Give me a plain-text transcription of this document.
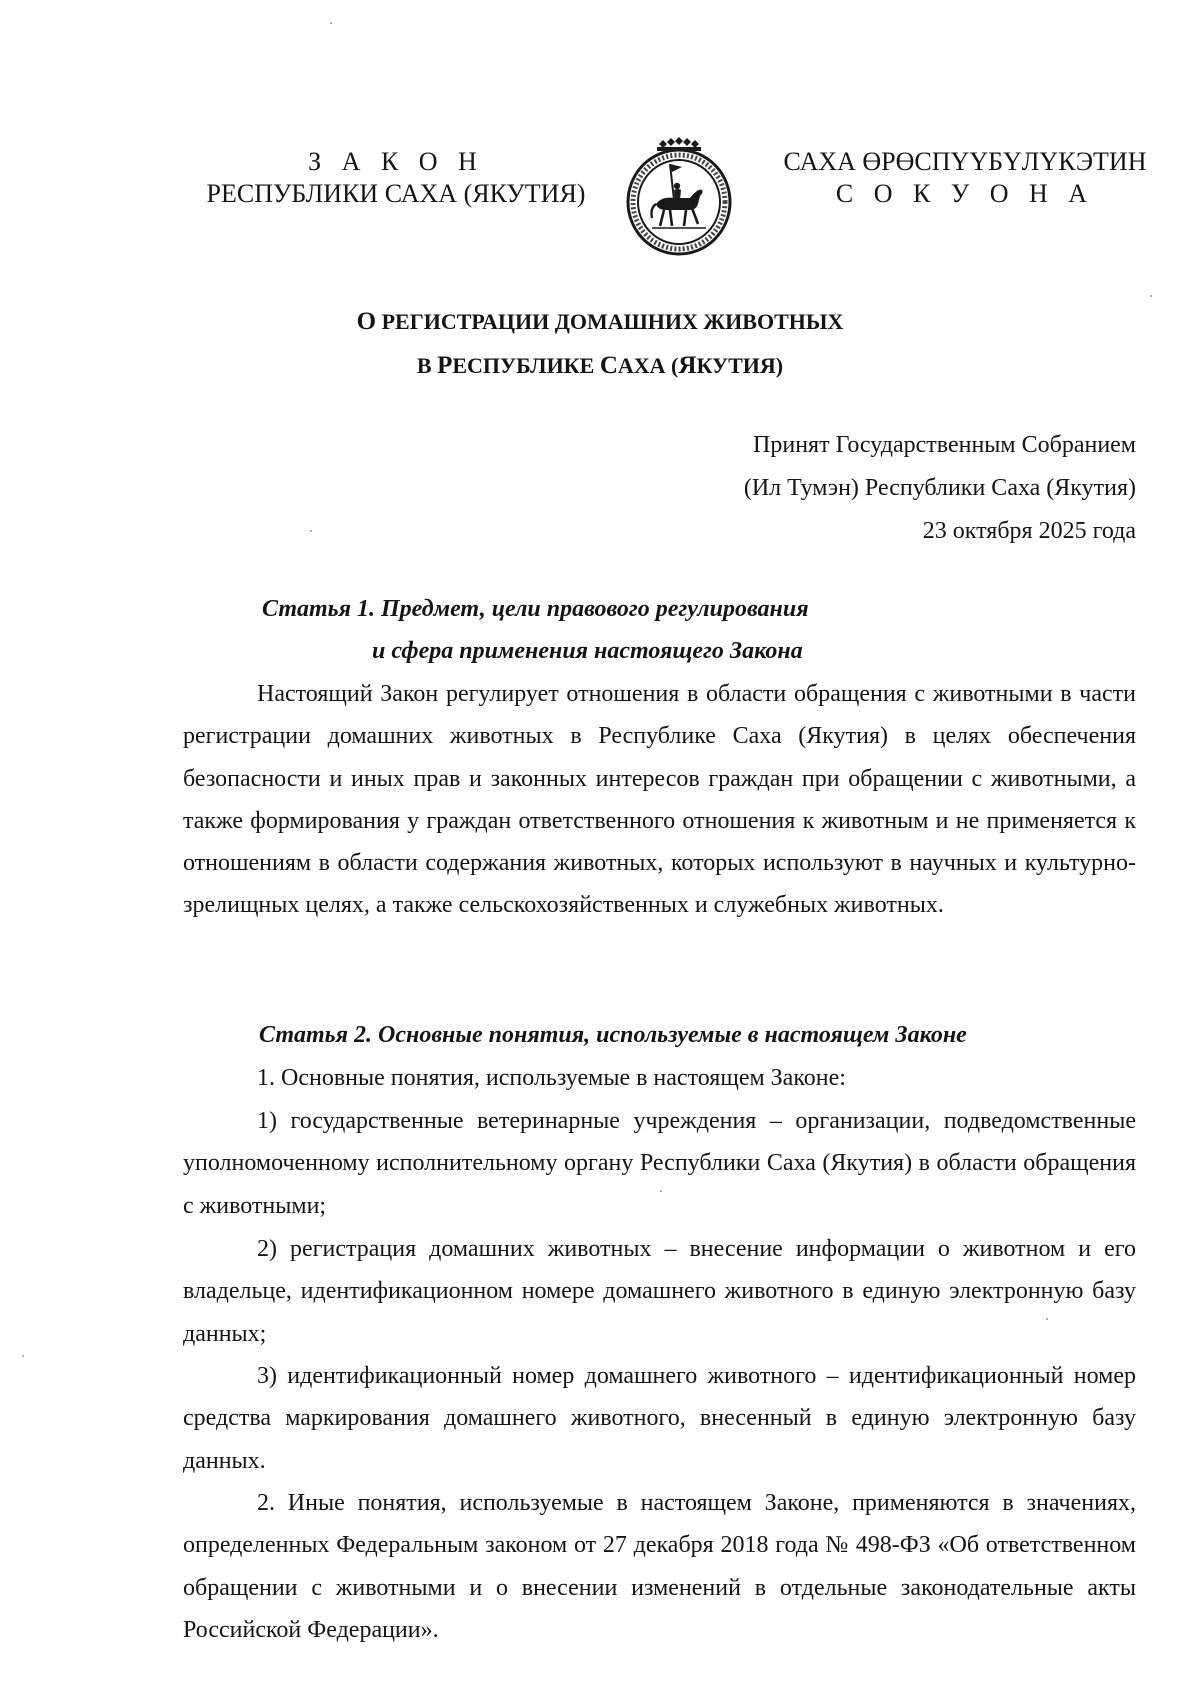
З А К О Н
РЕСПУБЛИКИ САХА (ЯКУТИЯ)
САХА ӨРӨСПҮҮБҮЛҮКЭТИН
С О К У О Н А
О РЕГИСТРАЦИИ ДОМАШНИХ ЖИВОТНЫХ
В РЕСПУБЛИКЕ САХА (ЯКУТИЯ)
Принят Государственным Собранием
(Ил Тумэн) Республики Саха (Якутия)
23 октября 2025 года
Статья 1. Предмет, цели правового регулирования
и сфера применения настоящего Закона

Настоящий Закон регулирует отношения в области обращения с животными в части регистрации домашних животных в Республике Саха (Якутия) в целях обеспечения безопасности и иных прав и законных интересов граждан при обращении с животными, а также формирования у граждан ответственного отношения к животным и не применяется к отношениям в области содержания животных, которых используют в научных и культурно-зрелищных целях, а также сельскохозяйственных и служебных животных.

Статья 2. Основные понятия, используемые в настоящем Законе

1. Основные понятия, используемые в настоящем Законе:

1) государственные ветеринарные учреждения – организации, подведомственные уполномоченному исполнительному органу Республики Саха (Якутия) в области обращения с животными;

2) регистрация домашних животных – внесение информации о животном и его владельце, идентификационном номере домашнего животного в единую электронную базу данных;

3) идентификационный номер домашнего животного – идентификационный номер средства маркирования домашнего животного, внесенный в единую электронную базу данных.

2. Иные понятия, используемые в настоящем Законе, применяются в значениях, определенных Федеральным законом от 27 декабря 2018 года № 498-ФЗ «Об ответственном обращении с животными и о внесении изменений в отдельные законодательные акты Российской Федерации».
